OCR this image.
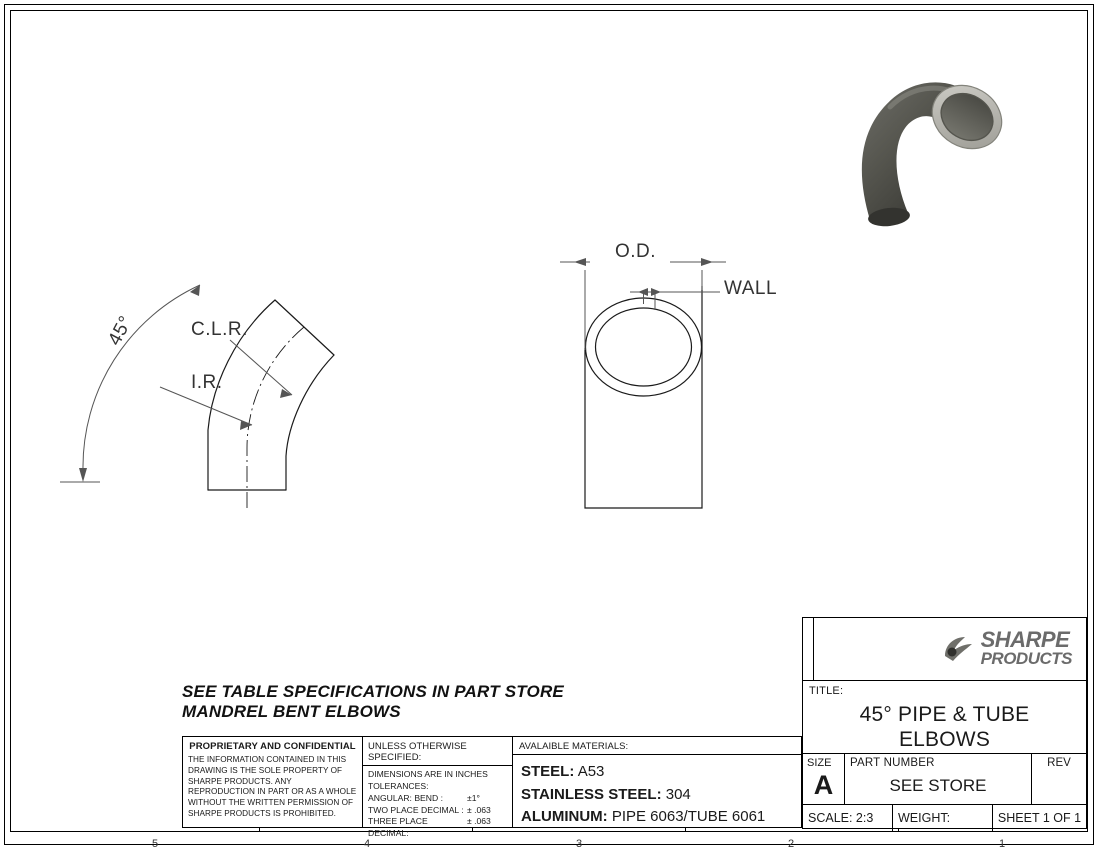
5	4	3	2	1
45°	C.L.R.
I.R.
O.D.
WALL
SEE TABLE SPECIFICATIONS IN PART STORE
MANDREL BENT ELBOWS
PROPRIETARY AND CONFIDENTIAL
THE INFORMATION CONTAINED IN THIS DRAWING IS THE SOLE PROPERTY OF SHARPE PRODUCTS. ANY REPRODUCTION IN PART OR AS A WHOLE WITHOUT THE WRITTEN PERMISSION OF SHARPE PRODUCTS IS PROHIBITED.
UNLESS OTHERWISE SPECIFIED:
DIMENSIONS ARE IN INCHES
TOLERANCES:
ANGULAR: BEND :	±1°
TWO PLACE DECIMAL : ± .063
THREE PLACE DECIMAL:
± .063
AVALAIBLE MATERIALS:
STEEL: A53
STAINLESS STEEL: 304
ALUMINUM: PIPE 6063/TUBE 6061
SHARPE
PRODUCTS
TITLE:
45° PIPE & TUBE
ELBOWS
SIZE
A
PART NUMBER
SEE STORE
REV
SCALE: 2:3	WEIGHT:	SHEET 1 OF 1
